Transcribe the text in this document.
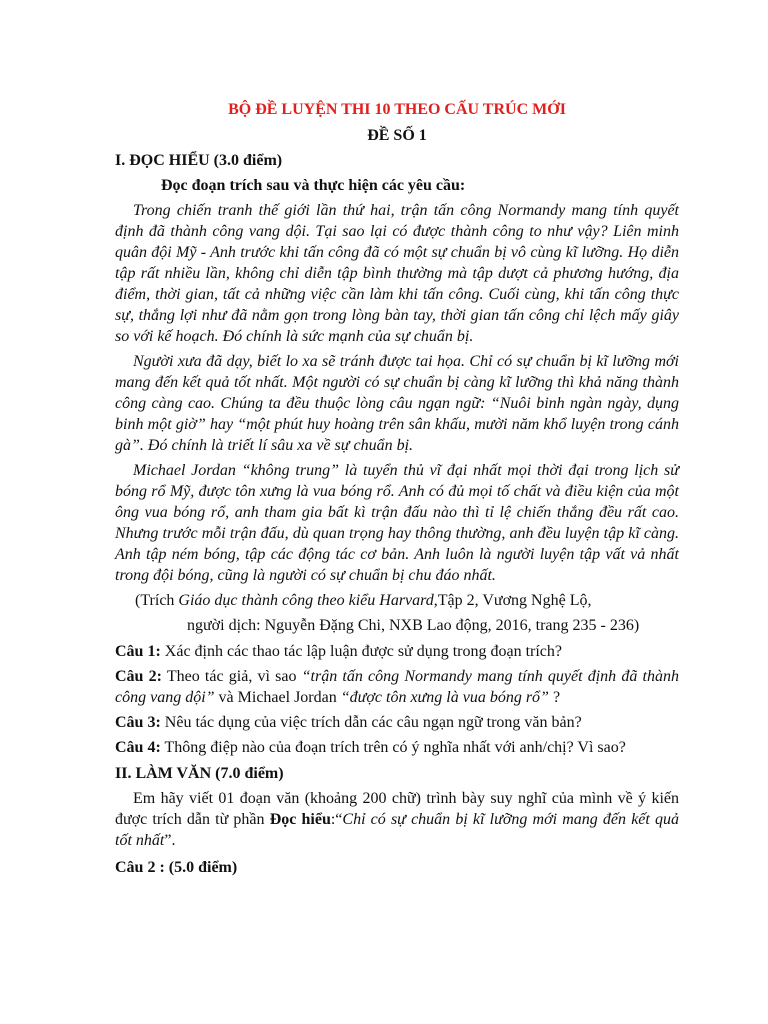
BỘ ĐỀ LUYỆN THI 10 THEO CẤU TRÚC MỚI
ĐỀ SỐ 1

I. ĐỌC HIỂU (3.0 điểm)

Đọc đoạn trích sau và thực hiện các yêu cầu:

Trong chiến tranh thế giới lần thứ hai, trận tấn công Normandy mang tính quyết định đã thành công vang dội. Tại sao lại có được thành công to như vậy? Liên minh quân đội Mỹ - Anh trước khi tấn công đã có một sự chuẩn bị vô cùng kĩ lưỡng. Họ diễn tập rất nhiều lần, không chỉ diễn tập bình thường mà tập dượt cả phương hướng, địa điểm, thời gian, tất cả những việc cần làm khi tấn công. Cuối cùng, khi tấn công thực sự, thắng lợi như đã nằm gọn trong lòng bàn tay, thời gian tấn công chỉ lệch mấy giây so với kế hoạch. Đó chính là sức mạnh của sự chuẩn bị.

Người xưa đã dạy, biết lo xa sẽ tránh được tai họa. Chỉ có sự chuẩn bị kĩ lưỡng mới mang đến kết quả tốt nhất. Một người có sự chuẩn bị càng kĩ lưỡng thì khả năng thành công càng cao. Chúng ta đều thuộc lòng câu ngạn ngữ: “Nuôi binh ngàn ngày, dụng binh một giờ” hay “một phút huy hoàng trên sân khấu, mười năm khổ luyện trong cánh gà”. Đó chính là triết lí sâu xa về sự chuẩn bị.

Michael Jordan “không trung” là tuyển thủ vĩ đại nhất mọi thời đại trong lịch sử bóng rổ Mỹ, được tôn xưng là vua bóng rổ. Anh có đủ mọi tố chất và điều kiện của một ông vua bóng rổ, anh tham gia bất kì trận đấu nào thì tỉ lệ chiến thắng đều rất cao. Nhưng trước mỗi trận đấu, dù quan trọng hay thông thường, anh đều luyện tập kĩ càng. Anh tập ném bóng, tập các động tác cơ bản. Anh luôn là người luyện tập vất vả nhất trong đội bóng, cũng là người có sự chuẩn bị chu đáo nhất.

(Trích Giáo dục thành công theo kiểu Harvard,Tập 2, Vương Nghệ Lộ,

người dịch: Nguyễn Đặng Chi, NXB Lao động, 2016, trang 235 - 236)

Câu 1: Xác định các thao tác lập luận được sử dụng trong đoạn trích?

Câu 2: Theo tác giả, vì sao “trận tấn công Normandy mang tính quyết định đã thành công vang dội” và Michael Jordan “được tôn xưng là vua bóng rổ” ?

Câu 3: Nêu tác dụng của việc trích dẫn các câu ngạn ngữ trong văn bản?

Câu 4: Thông điệp nào của đoạn trích trên có ý nghĩa nhất với anh/chị? Vì sao?

II. LÀM VĂN (7.0 điểm)

Em hãy viết 01 đoạn văn (khoảng 200 chữ) trình bày suy nghĩ của mình về ý kiến được trích dẫn từ phần Đọc hiểu:“Chỉ có sự chuẩn bị kĩ lưỡng mới mang đến kết quả tốt nhất”.

Câu 2 : (5.0 điểm)
